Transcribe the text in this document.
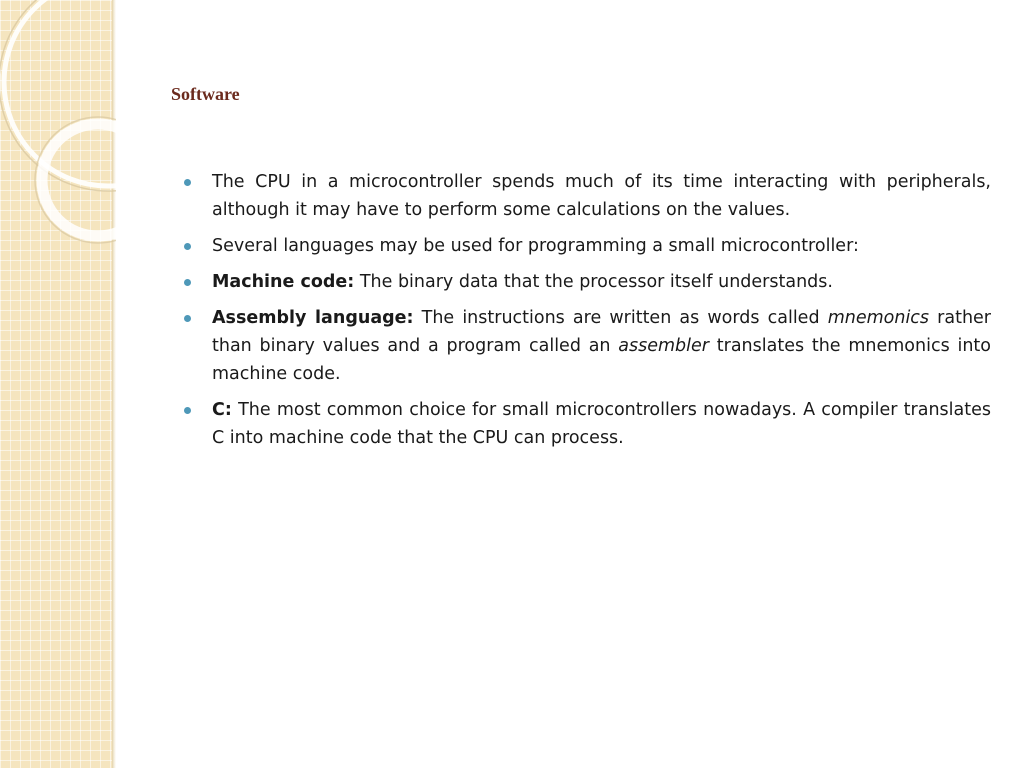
Software
The CPU in a microcontroller spends much of its time interacting with peripherals, although it may have to perform some calculations on the values.
Several languages may be used for programming a small microcontroller:
Machine code: The binary data that the processor itself understands.
Assembly language: The instructions are written as words called mnemonics rather than binary values and a program called an assembler translates the mnemonics into machine code.
C: The most common choice for small microcontrollers nowadays. A compiler translates C into machine code that the CPU can process.
